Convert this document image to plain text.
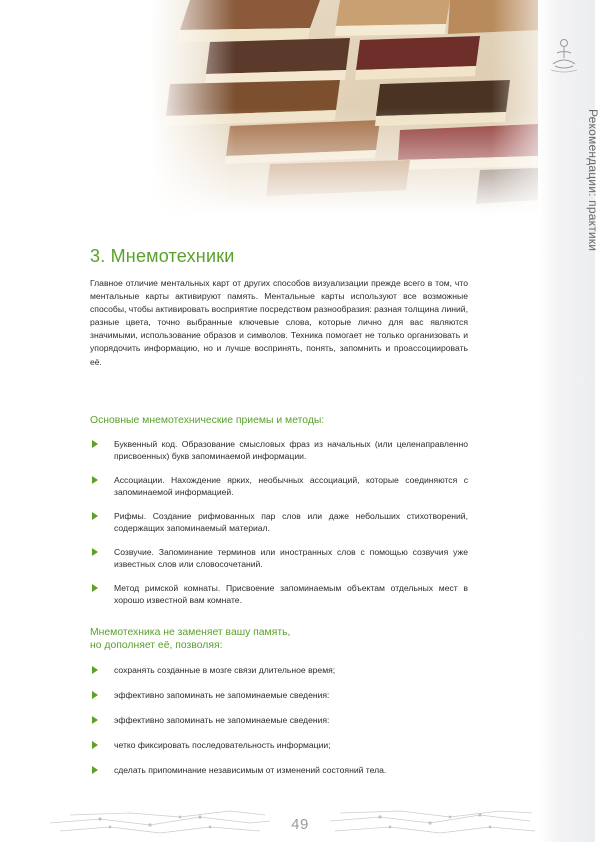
Рекомендации: практики
3. Мнемотехники

Главное отличие ментальных карт от других способов визуализации прежде всего в том, что ментальные карты активируют память. Ментальные карты используют все возможные способы, чтобы активировать восприятие посредством разнообразия: разная толщина линий, разные цвета, точно выбранные ключевые слова, которые лично для вас являются значимыми, использование образов и символов. Техника помогает не только организовать и упорядочить информацию, но и лучше воспринять, понять, запомнить и проассоциировать её.

Основные мнемотехнические приемы и методы:
Буквенный код. Образование смысловых фраз из начальных (или целенаправленно присвоенных) букв запоминаемой информации.
Ассоциации. Нахождение ярких, необычных ассоциаций, которые соединяются с запоминаемой информацией.
Рифмы. Создание рифмованных пар слов или даже небольших стихотворений, содержащих запоминаемый материал.
Созвучие. Запоминание терминов или иностранных слов с помощью созвучия уже известных слов или словосочетаний.
Метод римской комнаты. Присвоение запоминаемым объектам отдельных мест в хорошо известной вам комнате.
Мнемотехника не заменяет вашу память,
но дополняет её, позволяя:
сохранять созданные в мозге связи длительное время;
эффективно запоминать не запоминаемые сведения:
эффективно запоминать не запоминаемые сведения:
четко фиксировать последовательность информации;
сделать припоминание независимым от изменений состояний тела.
49
